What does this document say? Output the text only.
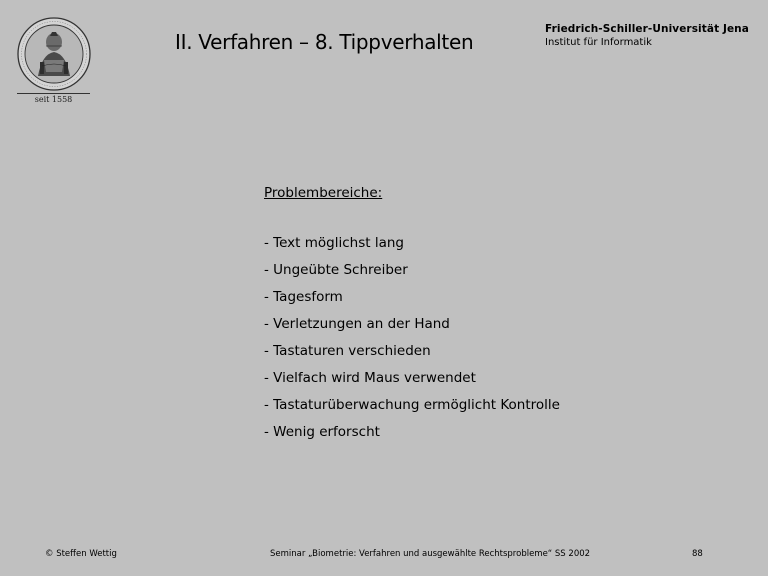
seit 1558
II. Verfahren – 8. Tippverhalten
Friedrich-Schiller-Universität Jena
Institut für Informatik
Problembereiche:
- Text möglichst lang
- Ungeübte Schreiber
- Tagesform
- Verletzungen an der Hand
- Tastaturen verschieden
- Vielfach wird Maus verwendet
- Tastaturüberwachung ermöglicht Kontrolle
- Wenig erforscht
© Steffen Wettig	Seminar „Biometrie: Verfahren und ausgewählte Rechtsprobleme“ SS 2002	88
